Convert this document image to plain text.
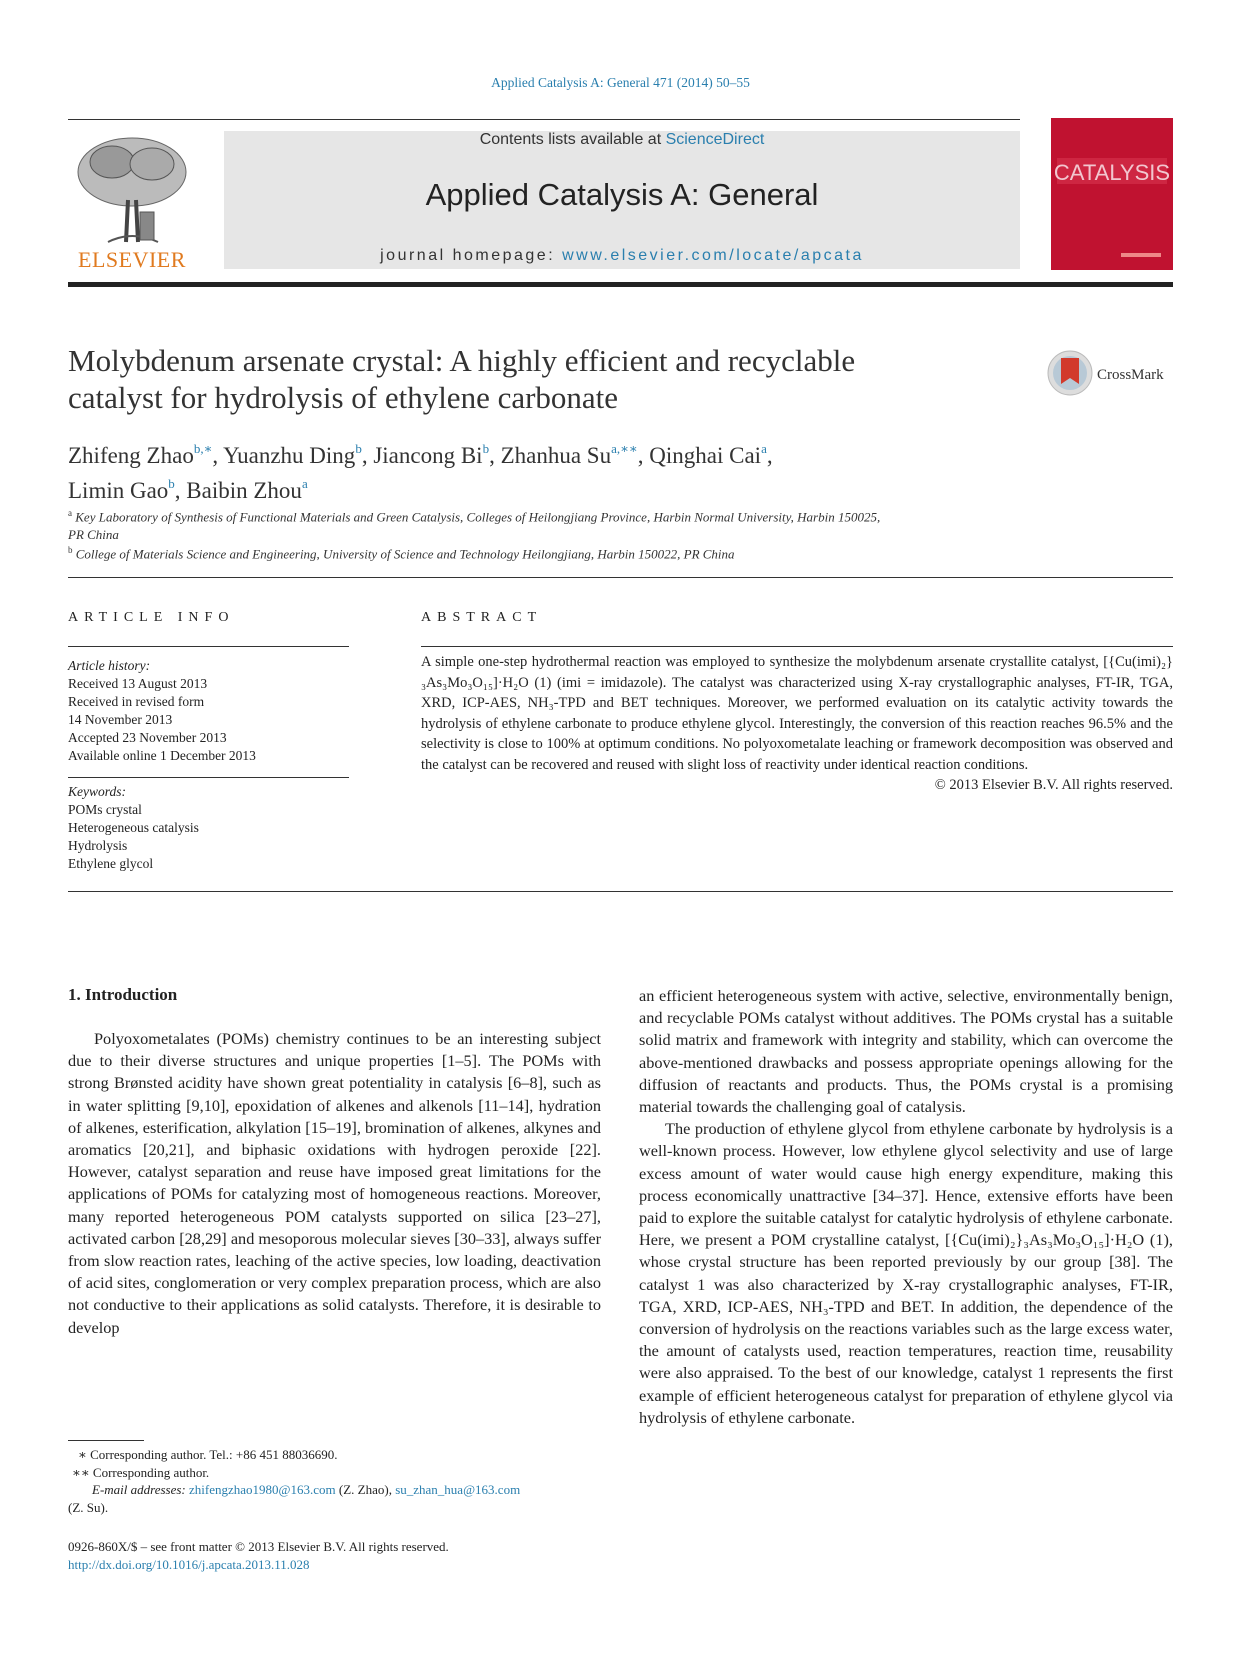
Applied Catalysis A: General 471 (2014) 50–55
ELSEVIER
Contents lists available at ScienceDirect
Applied Catalysis A: General
journal homepage: www.elsevier.com/locate/apcata
CATALYSIS
Molybdenum arsenate crystal: A highly efficient and recyclable
catalyst for hydrolysis of ethylene carbonate
CrossMark
Zhifeng Zhao$^{b,∗}$, Yuanzhu Ding$^b$, Jiancong Bi$^b$, Zhanhua $Su^{a,∗∗}$, Qinghai Cai$^a$,
Limin Gao$^b$, Baibin Zhou$^a$
$^a$ Key Laboratory of Synthesis of Functional Materials and Green Catalysis, Colleges of Heilongjiang Province, Harbin Normal University, Harbin 150025,
PR China
$^b$ College of Materials Science and Engineering, University of Science and Technology Heilongjiang, Harbin 150022, PR China
ARTICLE INFO
Article history:
Received 13 August 2013
Received in revised form
14 November 2013
Accepted 23 November 2013
Available online 1 December 2013
Keywords:
POMs crystal
Heterogeneous catalysis
Hydrolysis
Ethylene glycol
ABSTRACT
A simple one-step hydrothermal reaction was employed to synthesize the molybdenum arsenate crystallite catalyst, [{Cu(imi)₂}₃As₃Mo₃O₁₅]·H₂O (1) (imi = imidazole). The catalyst was characterized using X-ray crystallographic analyses, FT-IR, TGA, XRD, ICP-AES, NH₃-TPD and BET techniques. Moreover, we performed evaluation on its catalytic activity towards the hydrolysis of ethylene carbonate to produce ethylene glycol. Interestingly, the conversion of this reaction reaches 96.5% and the selectivity is close to 100% at optimum conditions. No polyoxometalate leaching or framework decomposition was observed and the catalyst can be recovered and reused with slight loss of reactivity under identical reaction conditions.
© 2013 Elsevier B.V. All rights reserved.
1. Introduction

Polyoxometalates (POMs) chemistry continues to be an interesting subject due to their diverse structures and unique properties [1–5]. The POMs with strong Brønsted acidity have shown great potentiality in catalysis [6–8], such as in water splitting [9,10], epoxidation of alkenes and alkenols [11–14], hydration of alkenes, esterification, alkylation [15–19], bromination of alkenes, alkynes and aromatics [20,21], and biphasic oxidations with hydrogen peroxide [22]. However, catalyst separation and reuse have imposed great limitations for the applications of POMs for catalyzing most of homogeneous reactions. Moreover, many reported heterogeneous POM catalysts supported on silica [23–27], activated carbon [28,29] and mesoporous molecular sieves [30–33], always suffer from slow reaction rates, leaching of the active species, low loading, deactivation of acid sites, conglomeration or very complex preparation process, which are also not conductive to their applications as solid catalysts. Therefore, it is desirable to develop

an efficient heterogeneous system with active, selective, environmentally benign, and recyclable POMs catalyst without additives. The POMs crystal has a suitable solid matrix and framework with integrity and stability, which can overcome the above-mentioned drawbacks and possess appropriate openings allowing for the diffusion of reactants and products. Thus, the POMs crystal is a promising material towards the challenging goal of catalysis.

The production of ethylene glycol from ethylene carbonate by hydrolysis is a well-known process. However, low ethylene glycol selectivity and use of large excess amount of water would cause high energy expenditure, making this process economically unattractive [34–37]. Hence, extensive efforts have been paid to explore the suitable catalyst for catalytic hydrolysis of ethylene carbonate. Here, we present a POM crystalline catalyst, [{Cu(imi)₂}₃As₃Mo₃O₁₅]·H₂O (1), whose crystal structure has been reported previously by our group [38]. The catalyst 1 was also characterized by X-ray crystallographic analyses, FT-IR, TGA, XRD, ICP-AES, NH₃-TPD and BET. In addition, the dependence of the conversion of hydrolysis on the reactions variables such as the large excess water, the amount of catalysts used, reaction temperatures, reaction time, reusability were also appraised. To the best of our knowledge, catalyst 1 represents the first example of efficient heterogeneous catalyst for preparation of ethylene glycol via hydrolysis of ethylene carbonate.

∗ Corresponding author. Tel.: +86 451 88036690.
∗∗ Corresponding author.
E-mail addresses: zhifengzhao1980@163.com (Z. Zhao), su_zhan_hua@163.com
(Z. Su).
0926-860X/$ – see front matter © 2013 Elsevier B.V. All rights reserved.
http://dx.doi.org/10.1016/j.apcata.2013.11.028
